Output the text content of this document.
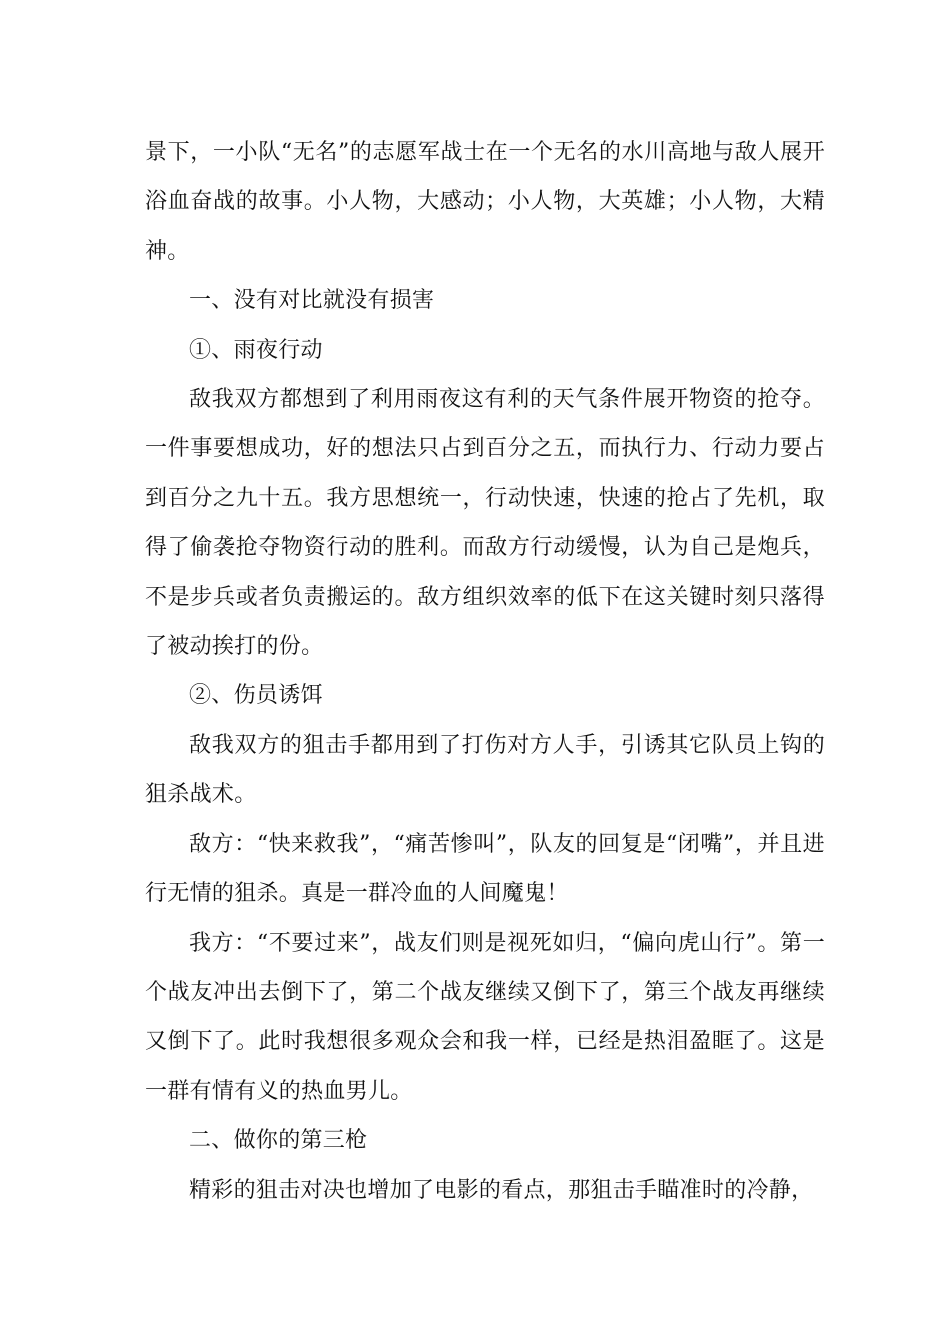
景下，一小队“无名”的志愿军战士在一个无名的水川高地与敌人展开浴血奋战的故事。小人物，大感动；小人物，大英雄；小人物，大精神。

一、没有对比就没有损害

①、雨夜行动

敌我双方都想到了利用雨夜这有利的天气条件展开物资的抢夺。一件事要想成功，好的想法只占到百分之五，而执行力、行动力要占到百分之九十五。我方思想统一，行动快速，快速的抢占了先机，取得了偷袭抢夺物资行动的胜利。而敌方行动缓慢，认为自己是炮兵，不是步兵或者负责搬运的。敌方组织效率的低下在这关键时刻只落得了被动挨打的份。

②、伤员诱饵

敌我双方的狙击手都用到了打伤对方人手，引诱其它队员上钩的狙杀战术。

敌方：“快来救我”，“痛苦惨叫”，队友的回复是“闭嘴”，并且进行无情的狙杀。真是一群冷血的人间魔鬼！

我方：“不要过来”，战友们则是视死如归，“偏向虎山行”。第一个战友冲出去倒下了，第二个战友继续又倒下了，第三个战友再继续又倒下了。此时我想很多观众会和我一样，已经是热泪盈眶了。这是一群有情有义的热血男儿。

二、做你的第三枪

精彩的狙击对决也增加了电影的看点，那狙击手瞄准时的冷静，
